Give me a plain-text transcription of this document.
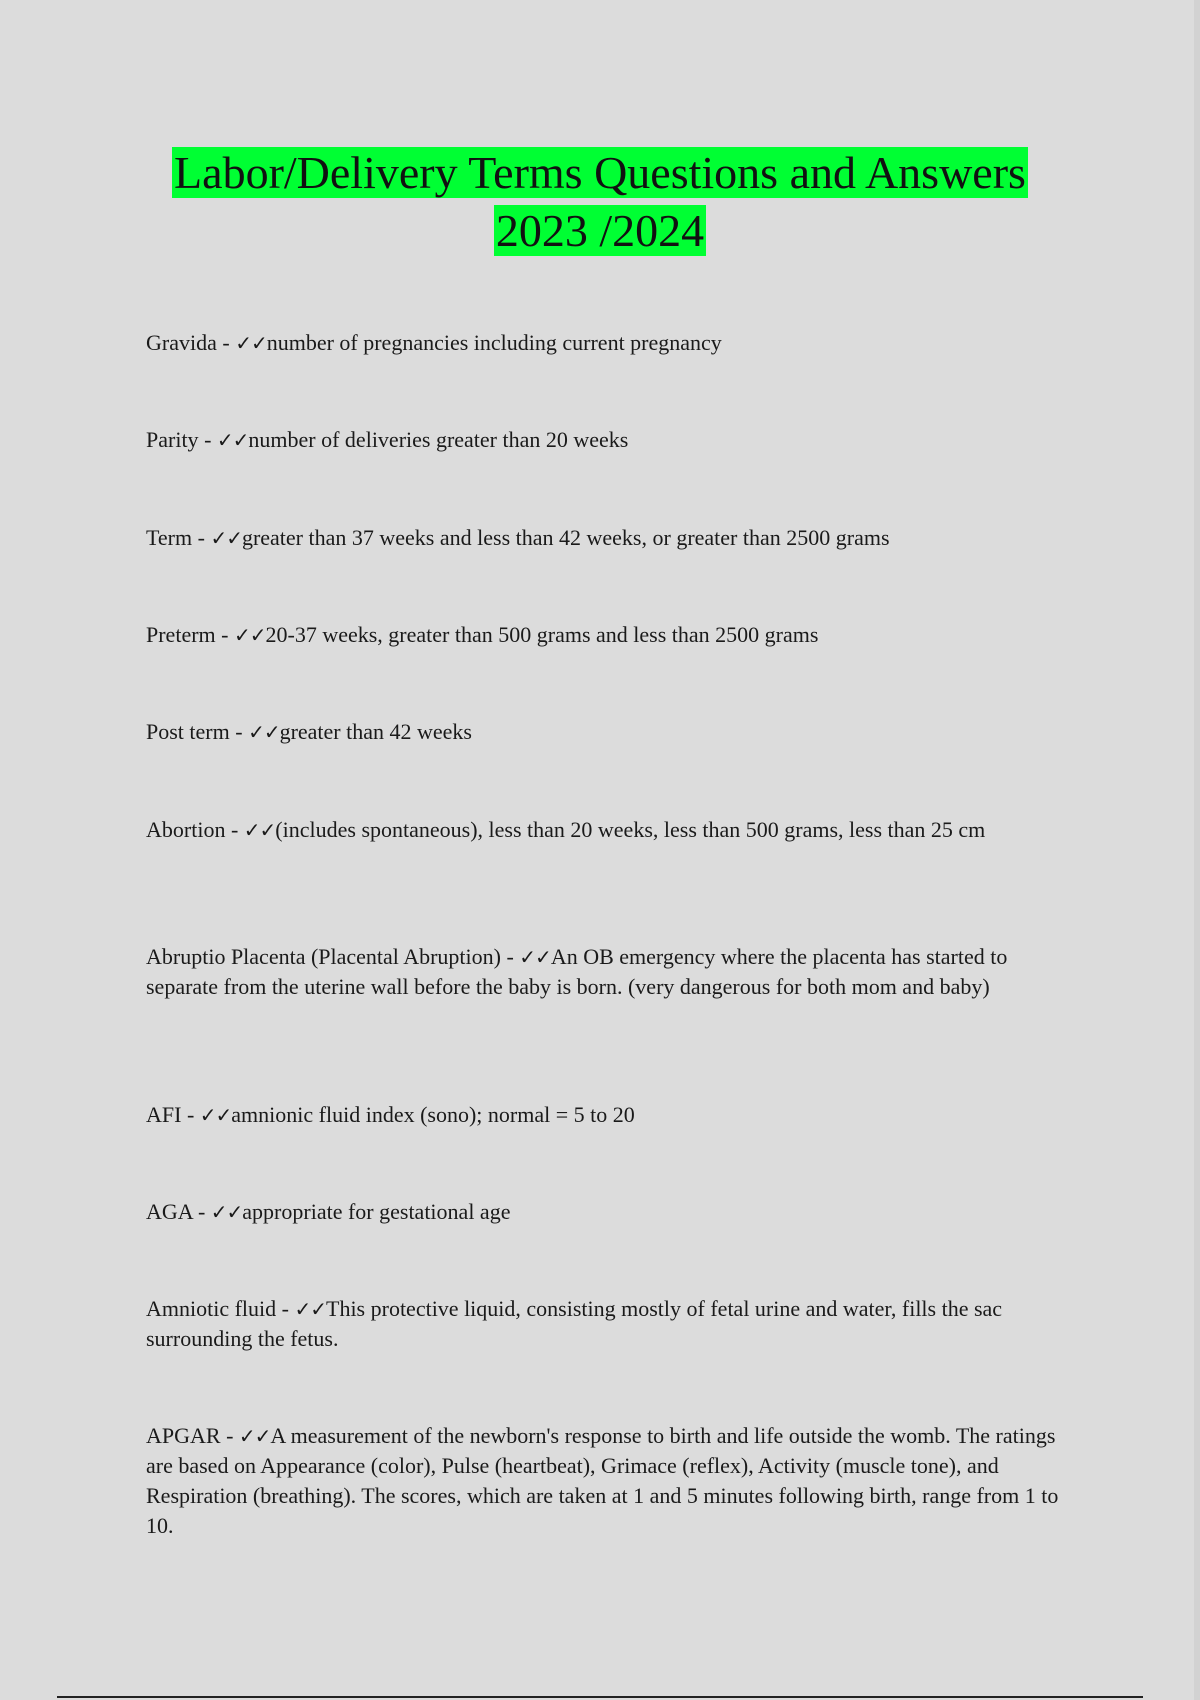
Labor/Delivery Terms Questions and Answers
2023 /2024
Gravida - ✓✓number of pregnancies including current pregnancy
Parity - ✓✓number of deliveries greater than 20 weeks
Term - ✓✓greater than 37 weeks and less than 42 weeks, or greater than 2500 grams
Preterm - ✓✓20-37 weeks, greater than 500 grams and less than 2500 grams
Post term - ✓✓greater than 42 weeks
Abortion - ✓✓(includes spontaneous), less than 20 weeks, less than 500 grams, less than 25 cm
Abruptio Placenta (Placental Abruption) - ✓✓An OB emergency where the placenta has started to separate from the uterine wall before the baby is born. (very dangerous for both mom and baby)
AFI - ✓✓amnionic fluid index (sono); normal = 5 to 20
AGA - ✓✓appropriate for gestational age
Amniotic fluid - ✓✓This protective liquid, consisting mostly of fetal urine and water, fills the sac surrounding the fetus.
APGAR - ✓✓A measurement of the newborn's response to birth and life outside the womb. The ratings are based on Appearance (color), Pulse (heartbeat), Grimace (reflex), Activity (muscle tone), and Respiration (breathing). The scores, which are taken at 1 and 5 minutes following birth, range from 1 to 10.
